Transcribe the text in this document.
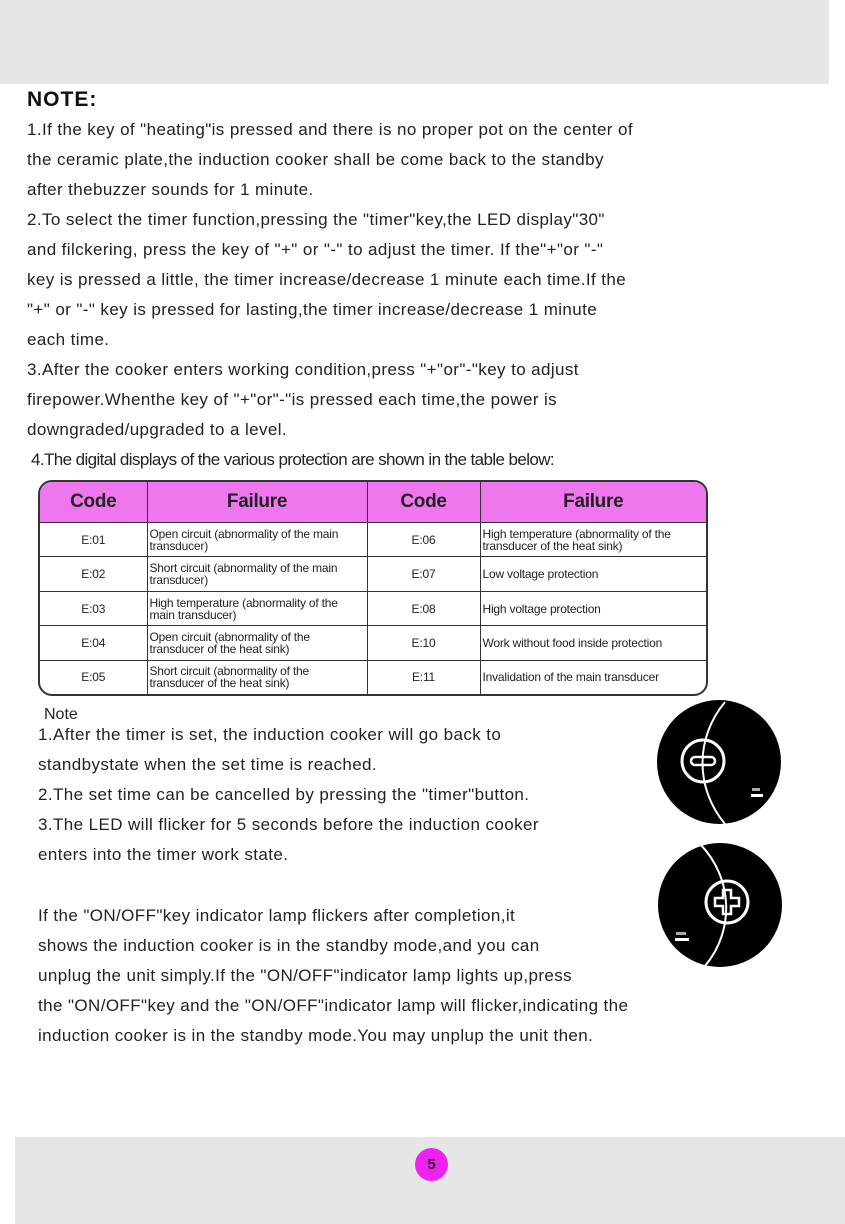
NOTE:
1.If the key of "heating"is pressed and there is no proper pot on the center of
the ceramic plate,the induction cooker shall be come back to the standby
after thebuzzer sounds for 1 minute.
2.To select the timer function,pressing the "timer"key,the LED display"30"
and filckering, press the key of "+" or "-" to adjust the timer. If the"+"or "-"
key is pressed a little, the timer increase/decrease 1 minute each time.If the
"+" or "-" key is pressed for lasting,the timer increase/decrease 1 minute
each time.
3.After the cooker enters working condition,press "+"or"-"key to adjust
firepower.Whenthe key of "+"or"-"is pressed each time,the power is
downgraded/upgraded to a level.
4.The digital displays of the various protection are shown in the table below:
Code	Failure	Code	Failure
E:01	Open circuit (abnormality of the main transducer)	E:06	High temperature (abnormality of the transducer of the heat sink)
E:02	Short circuit (abnormality of the main transducer)	E:07	Low voltage protection
E:03	High temperature (abnormality of the main transducer)	E:08	High voltage protection
E:04	Open circuit (abnormality of the transducer of the heat sink)	E:10	Work without food inside protection
E:05	Short circuit (abnormality of the transducer of the heat sink)	E:11	Invalidation of the main transducer
Note
1.After the timer is set, the induction cooker will go back to
standbystate when the set time is reached.
2.The set time can be cancelled by pressing the "timer"button.
3.The LED will flicker for 5 seconds before the induction cooker
enters into the timer work state.
If the "ON/OFF"key indicator lamp flickers after completion,it
shows the induction cooker is in the standby mode,and you can
unplug the unit simply.If the "ON/OFF"indicator lamp lights up,press
the "ON/OFF"key and the "ON/OFF"indicator lamp will flicker,indicating the
induction cooker is in the standby mode.You may unplup the unit then.
5
